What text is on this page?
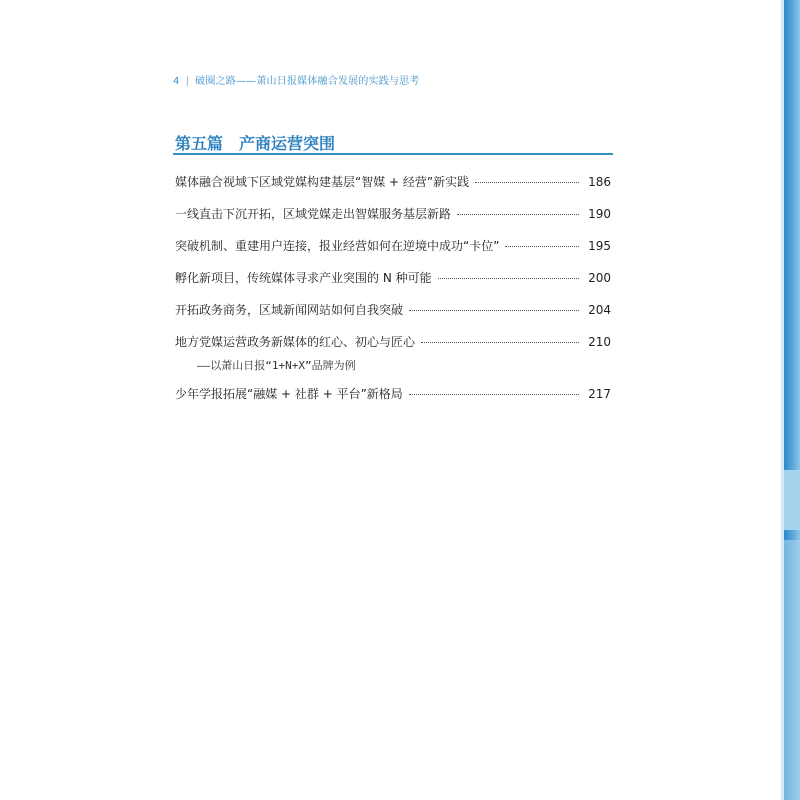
4 | 破圈之路——萧山日报媒体融合发展的实践与思考
第五篇 产商运营突围
媒体融合视域下区域党媒构建基层“智媒 + 经营”新实践	186
一线直击下沉开拓，区域党媒走出智媒服务基层新路	190
突破机制、重建用户连接，报业经营如何在逆境中成功“卡位”	195
孵化新项目，传统媒体寻求产业突围的 N 种可能	200
开拓政务商务，区域新闻网站如何自我突破	204
地方党媒运营政务新媒体的红心、初心与匠心	210
——以萧山日报“1+N+X”品牌为例
少年学报拓展“融媒 + 社群 + 平台”新格局	217
